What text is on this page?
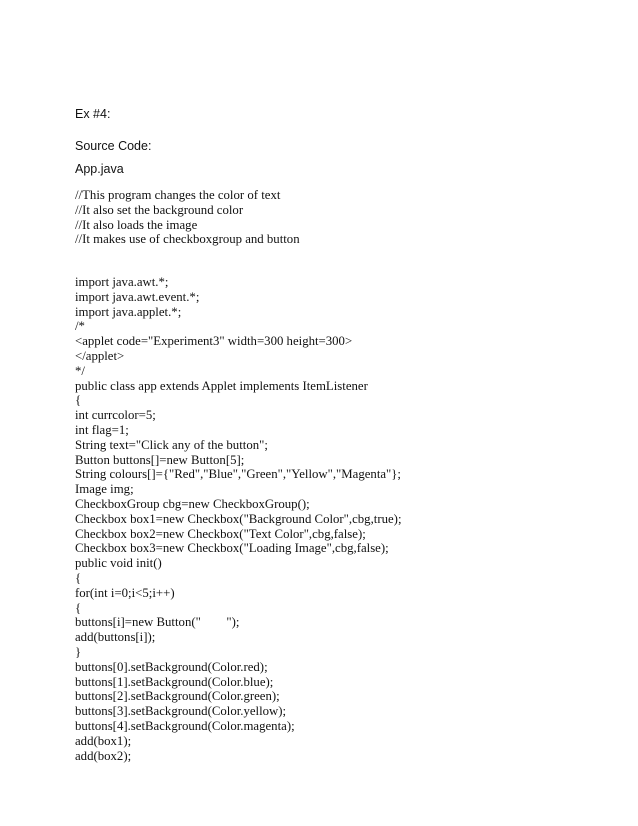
Ex #4:
Source Code:
App.java
//This program changes the color of text
//It also set the background color
//It also loads the image
//It makes use of checkboxgroup and button
import java.awt.*;
import java.awt.event.*;
import java.applet.*;
/*
<applet code="Experiment3" width=300 height=300>
</applet>
*/
public class app extends Applet implements ItemListener
{
int currcolor=5;
int flag=1;
String text="Click any of the button";
Button buttons[]=new Button[5];
String colours[]={"Red","Blue","Green","Yellow","Magenta"};
Image img;
CheckboxGroup cbg=new CheckboxGroup();
Checkbox box1=new Checkbox("Background Color",cbg,true);
Checkbox box2=new Checkbox("Text Color",cbg,false);
Checkbox box3=new Checkbox("Loading Image",cbg,false);
public void init()
{
for(int i=0;i<5;i++)
{
buttons[i]=new Button("        ");
add(buttons[i]);
}
buttons[0].setBackground(Color.red);
buttons[1].setBackground(Color.blue);
buttons[2].setBackground(Color.green);
buttons[3].setBackground(Color.yellow);
buttons[4].setBackground(Color.magenta);
add(box1);
add(box2);
